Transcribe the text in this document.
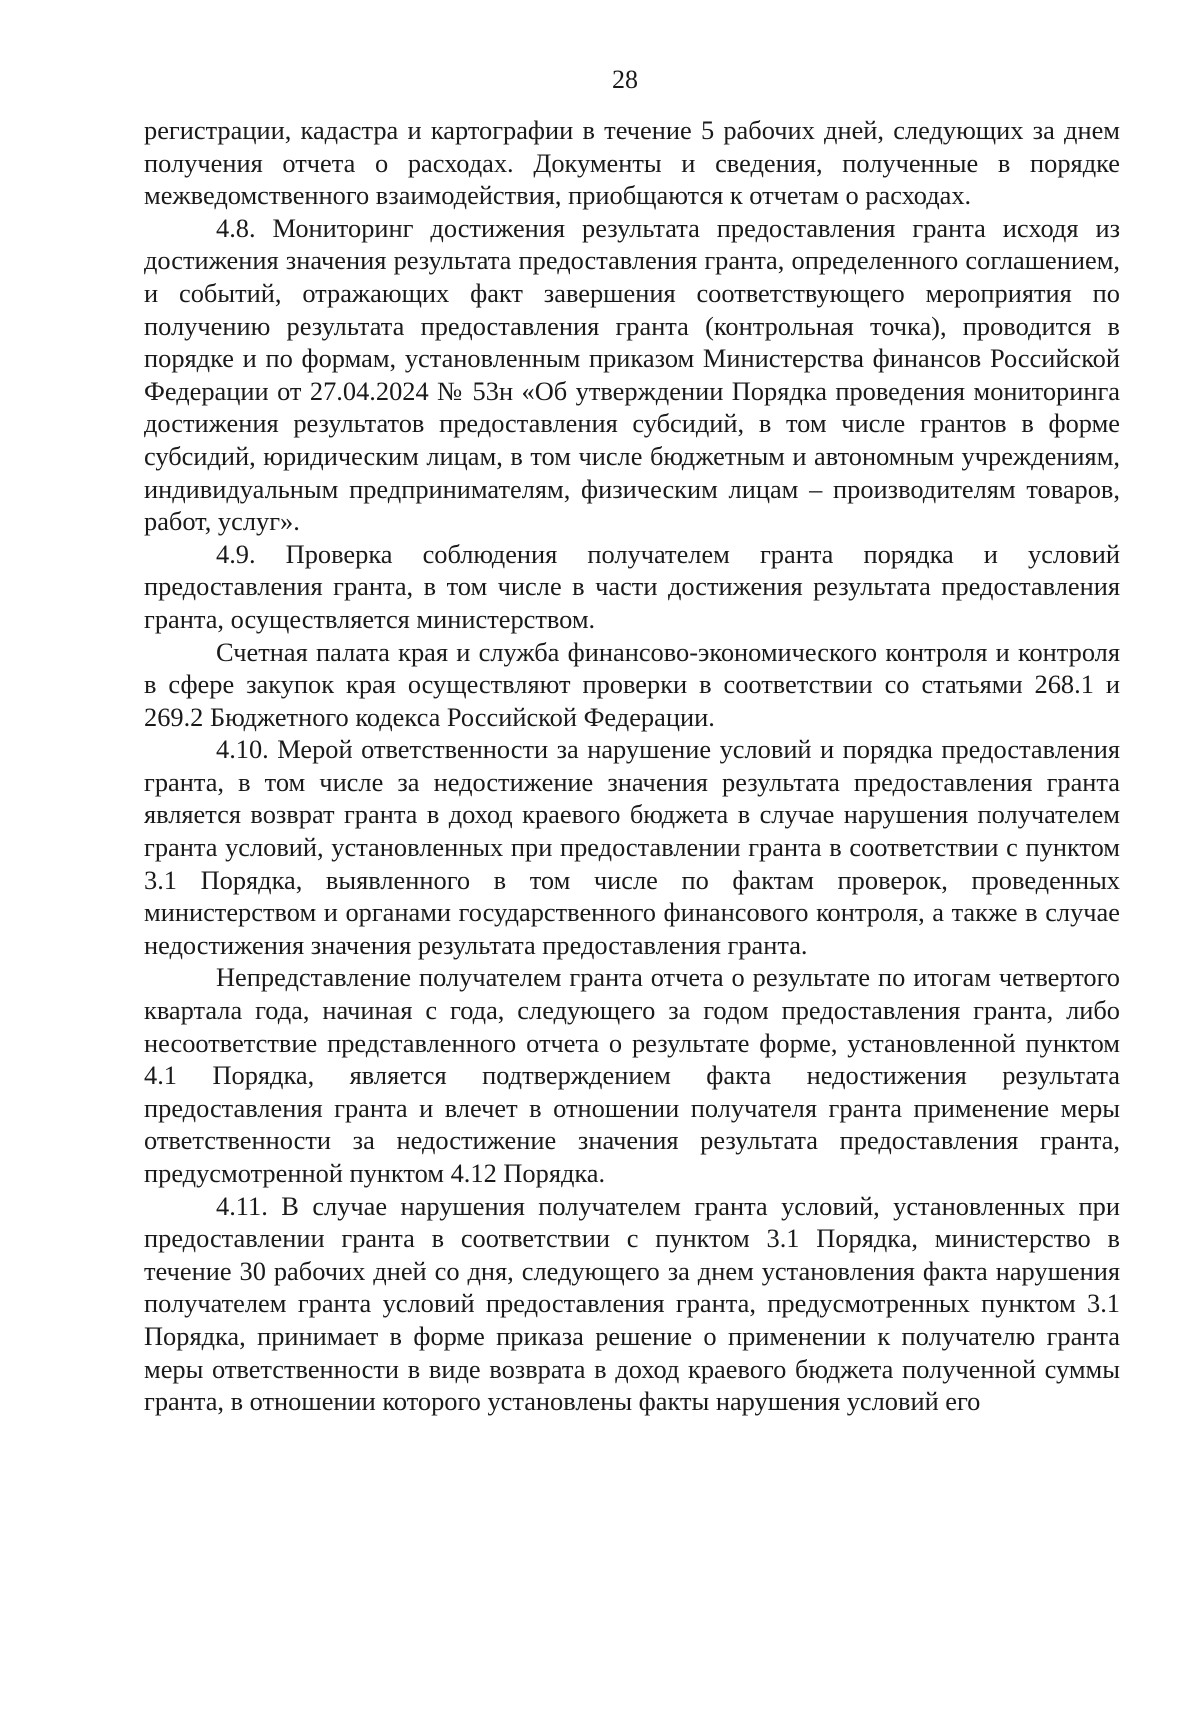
28

регистрации, кадастра и картографии в течение 5 рабочих дней, следующих за днем получения отчета о расходах. Документы и сведения, полученные в порядке межведомственного взаимодействия, приобщаются к отчетам о расходах.

4.8. Мониторинг достижения результата предоставления гранта исходя из достижения значения результата предоставления гранта, определенного соглашением, и событий, отражающих факт завершения соответствующего мероприятия по получению результата предоставления гранта (контрольная точка), проводится в порядке и по формам, установленным приказом Министерства финансов Российской Федерации от 27.04.2024 № 53н «Об утверждении Порядка проведения мониторинга достижения результатов предоставления субсидий, в том числе грантов в форме субсидий, юридическим лицам, в том числе бюджетным и автономным учреждениям, индивидуальным предпринимателям, физическим лицам – производителям товаров, работ, услуг».

4.9. Проверка соблюдения получателем гранта порядка и условий предоставления гранта, в том числе в части достижения результата предоставления гранта, осуществляется министерством.

Счетная палата края и служба финансово-экономического контроля и контроля в сфере закупок края осуществляют проверки в соответствии со статьями 268.1 и 269.2 Бюджетного кодекса Российской Федерации.

4.10. Мерой ответственности за нарушение условий и порядка предоставления гранта, в том числе за недостижение значения результата предоставления гранта является возврат гранта в доход краевого бюджета в случае нарушения получателем гранта условий, установленных при предоставлении гранта в соответствии с пунктом 3.1 Порядка, выявленного в том числе по фактам проверок, проведенных министерством и органами государственного финансового контроля, а также в случае недостижения значения результата предоставления гранта.

Непредставление получателем гранта отчета о результате по итогам четвертого квартала года, начиная с года, следующего за годом предоставления гранта, либо несоответствие представленного отчета о результате форме, установленной пунктом 4.1 Порядка, является подтверждением факта недостижения результата предоставления гранта и влечет в отношении получателя гранта применение меры ответственности за недостижение значения результата предоставления гранта, предусмотренной пунктом 4.12 Порядка.

4.11. В случае нарушения получателем гранта условий, установленных при предоставлении гранта в соответствии с пунктом 3.1 Порядка, министерство в течение 30 рабочих дней со дня, следующего за днем установления факта нарушения получателем гранта условий предоставления гранта, предусмотренных пунктом 3.1 Порядка, принимает в форме приказа решение о применении к получателю гранта меры ответственности в виде возврата в доход краевого бюджета полученной суммы гранта, в отношении которого установлены факты нарушения условий его
